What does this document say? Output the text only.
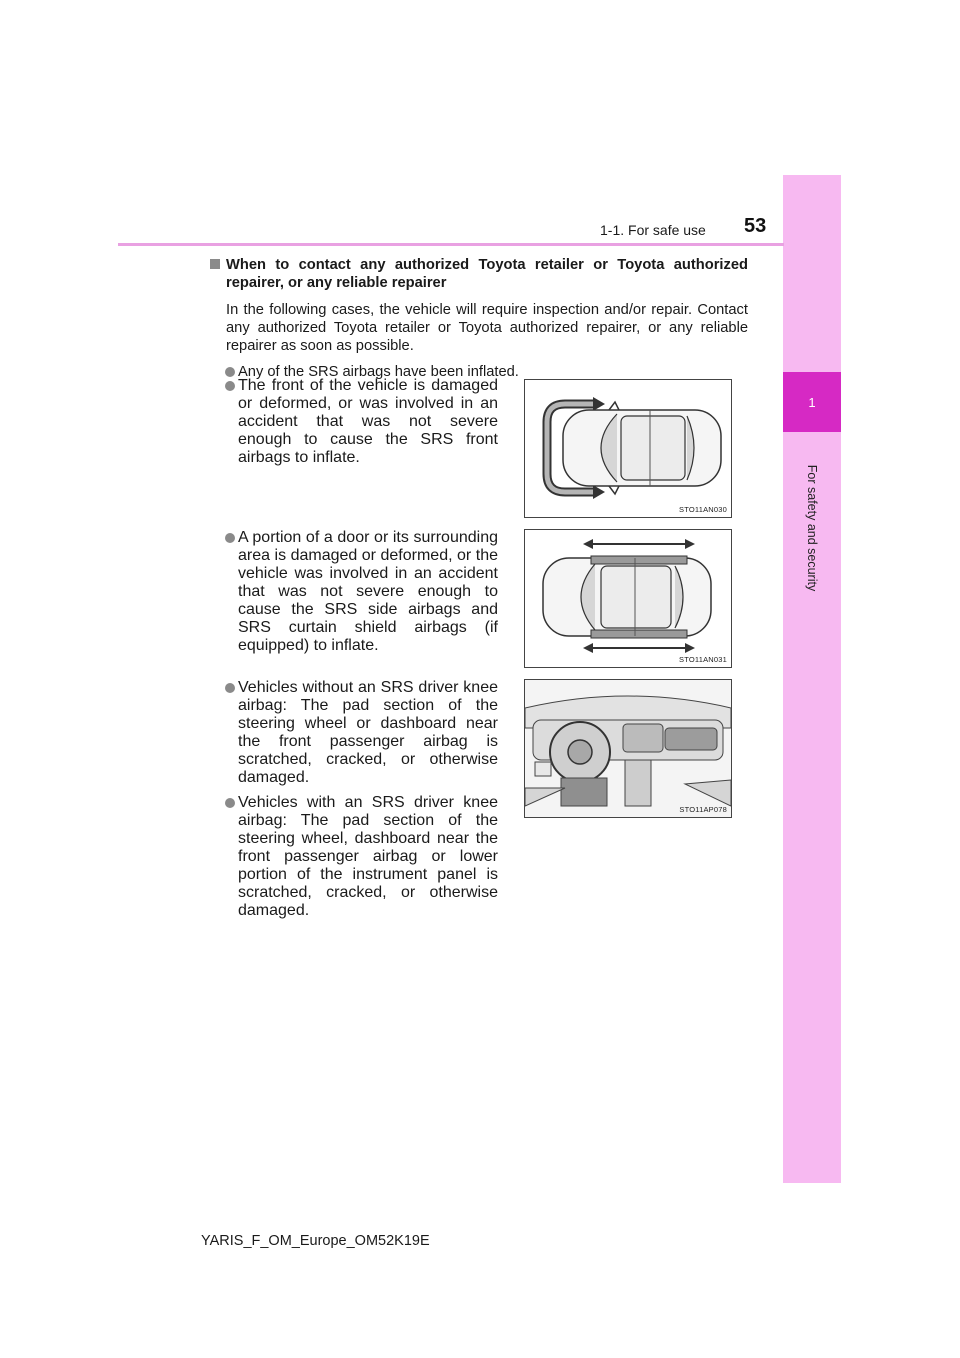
1
For safety and security
1-1. For safe use 53
When to contact any authorized Toyota retailer or Toyota authorized repairer, or any reliable repairer
In the following cases, the vehicle will require inspection and/or repair. Contact any authorized Toyota retailer or Toyota authorized repairer, or any reliable repairer as soon as possible.
Any of the SRS airbags have been inflated.
The front of the vehicle is damaged or deformed, or was involved in an accident that was not severe enough to cause the SRS front airbags to inflate.
STO11AN030
A portion of a door or its surrounding area is damaged or deformed, or the vehicle was involved in an accident that was not severe enough to cause the SRS side airbags and SRS curtain shield airbags (if equipped) to inflate.
STO11AN031
Vehicles without an SRS driver knee airbag: The pad section of the steering wheel or dashboard near the front passenger airbag is scratched, cracked, or otherwise damaged.
Vehicles with an SRS driver knee airbag: The pad section of the steering wheel, dashboard near the front passenger airbag or lower portion of the instrument panel is scratched, cracked, or otherwise damaged.
STO11AP078
YARIS_F_OM_Europe_OM52K19E
